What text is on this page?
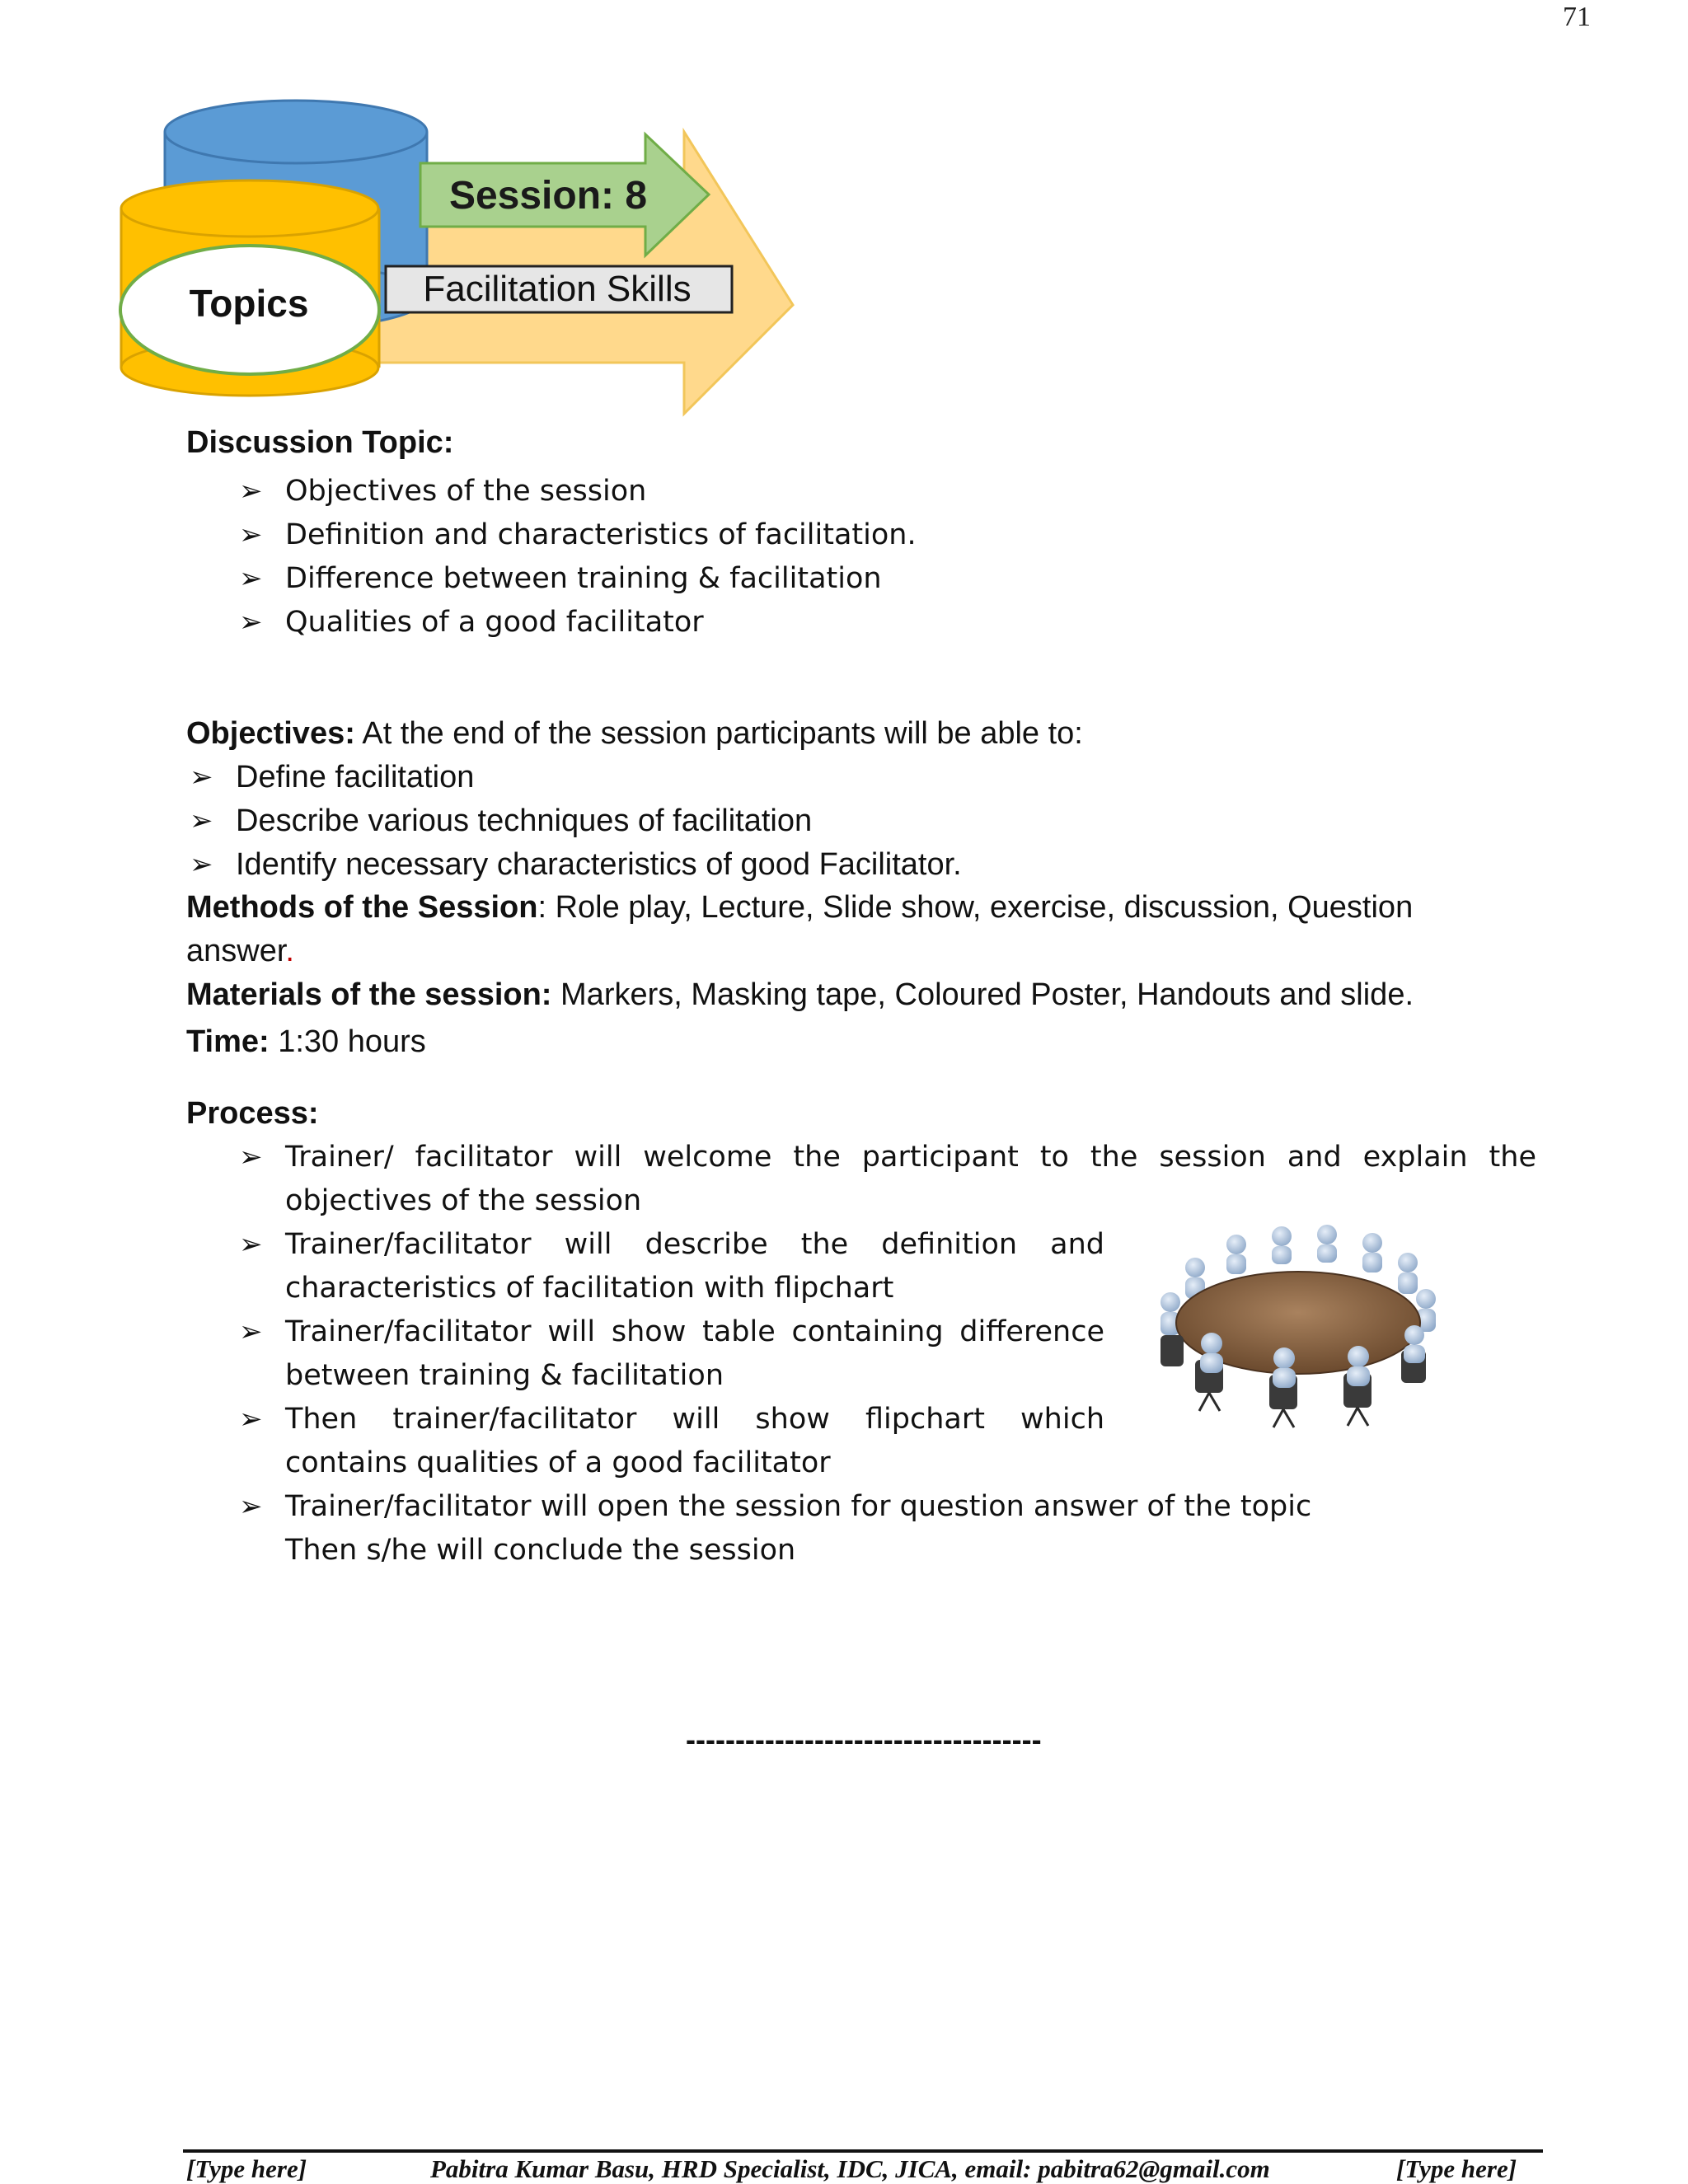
71
Session: 8
Topics	Facilitation Skills
Discussion Topic:
➢ Objectives of the session
➢ Definition and characteristics of facilitation.
➢ Difference between training & facilitation
➢ Qualities of a good facilitator
Objectives: At the end of the session participants will be able to:
➢ Define facilitation
➢ Describe various techniques of facilitation
➢ Identify necessary characteristics of good Facilitator.
Methods of the Session: Role play, Lecture, Slide show, exercise, discussion, Question
answer.
Materials of the session: Markers, Masking tape, Coloured Poster, Handouts and slide.
Time: 1:30 hours
Process:
➢ Trainer/ facilitator will welcome the participant to the session and explain the
objectives of the session
➢ Trainer/facilitator will describe the definition and
characteristics of facilitation with flipchart
➢ Trainer/facilitator will show table containing difference
between training & facilitation
➢ Then trainer/facilitator will show flipchart which
contains qualities of a good facilitator
➢ Trainer/facilitator will open the session for question answer of the topic
Then s/he will conclude the session
------------------------------------
[Type here]	Pabitra Kumar Basu, HRD Specialist, IDC, JICA, email: pabitra62@gmail.com	[Type here]
